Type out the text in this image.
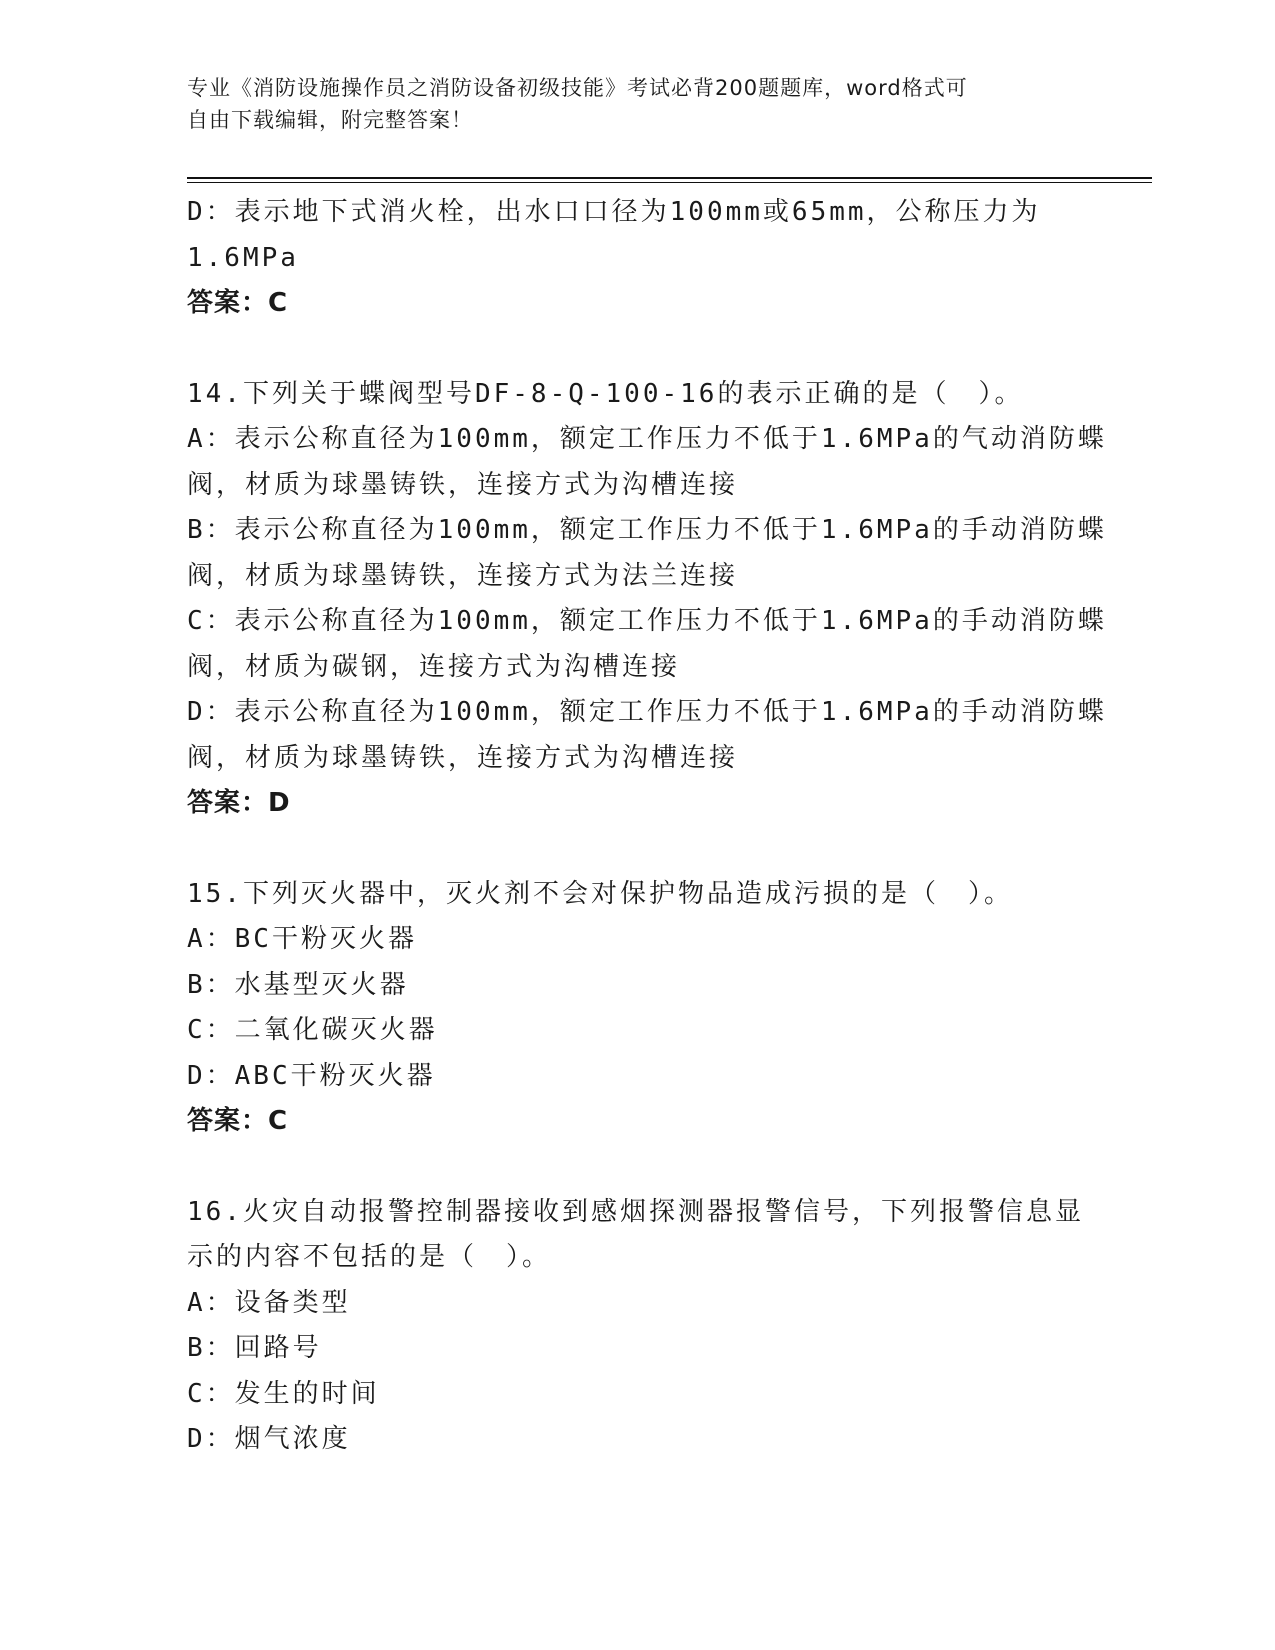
专业《消防设施操作员之消防设备初级技能》考试必背200题题库，word格式可
自由下载编辑，附完整答案！
D：表示地下式消火栓，出水口口径为100mm或65mm，公称压力为
1.6MPa
答案：C
14.下列关于蝶阀型号DF-8-Q-100-16的表示正确的是（　）。
A：表示公称直径为100mm，额定工作压力不低于1.6MPa的气动消防蝶
阀，材质为球墨铸铁，连接方式为沟槽连接
B：表示公称直径为100mm，额定工作压力不低于1.6MPa的手动消防蝶
阀，材质为球墨铸铁，连接方式为法兰连接
C：表示公称直径为100mm，额定工作压力不低于1.6MPa的手动消防蝶
阀，材质为碳钢，连接方式为沟槽连接
D：表示公称直径为100mm，额定工作压力不低于1.6MPa的手动消防蝶
阀，材质为球墨铸铁，连接方式为沟槽连接
答案：D
15.下列灭火器中，灭火剂不会对保护物品造成污损的是（　）。
A：BC干粉灭火器
B：水基型灭火器
C：二氧化碳灭火器
D：ABC干粉灭火器
答案：C
16.火灾自动报警控制器接收到感烟探测器报警信号，下列报警信息显
示的内容不包括的是（　）。
A：设备类型
B：回路号
C：发生的时间
D：烟气浓度
